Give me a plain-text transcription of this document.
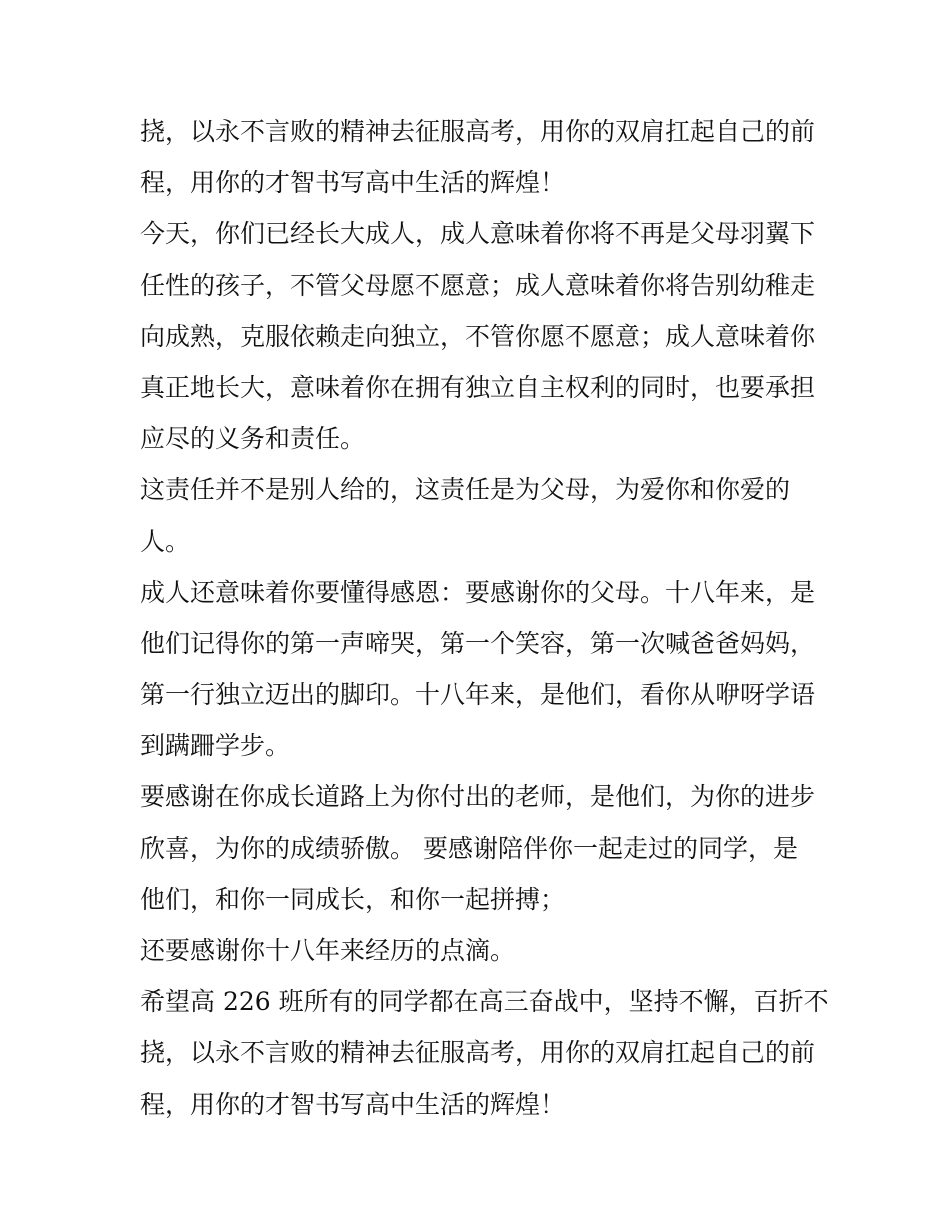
挠，以永不言败的精神去征服高考，用你的双肩扛起自己的前
程，用你的才智书写高中生活的辉煌！
今天，你们已经长大成人，成人意味着你将不再是父母羽翼下
任性的孩子，不管父母愿不愿意；成人意味着你将告别幼稚走
向成熟，克服依赖走向独立，不管你愿不愿意；成人意味着你
真正地长大，意味着你在拥有独立自主权利的同时，也要承担
应尽的义务和责任。
这责任并不是别人给的，这责任是为父母，为爱你和你爱的
人。
成人还意味着你要懂得感恩：要感谢你的父母。十八年来，是
他们记得你的第一声啼哭，第一个笑容，第一次喊爸爸妈妈，
第一行独立迈出的脚印。十八年来，是他们，看你从咿呀学语
到蹒跚学步。
要感谢在你成长道路上为你付出的老师，是他们，为你的进步
欣喜，为你的成绩骄傲。 要感谢陪伴你一起走过的同学，是
他们，和你一同成长，和你一起拼搏；
还要感谢你十八年来经历的点滴。
希望高 226 班所有的同学都在高三奋战中，坚持不懈，百折不
挠，以永不言败的精神去征服高考，用你的双肩扛起自己的前
程，用你的才智书写高中生活的辉煌！
